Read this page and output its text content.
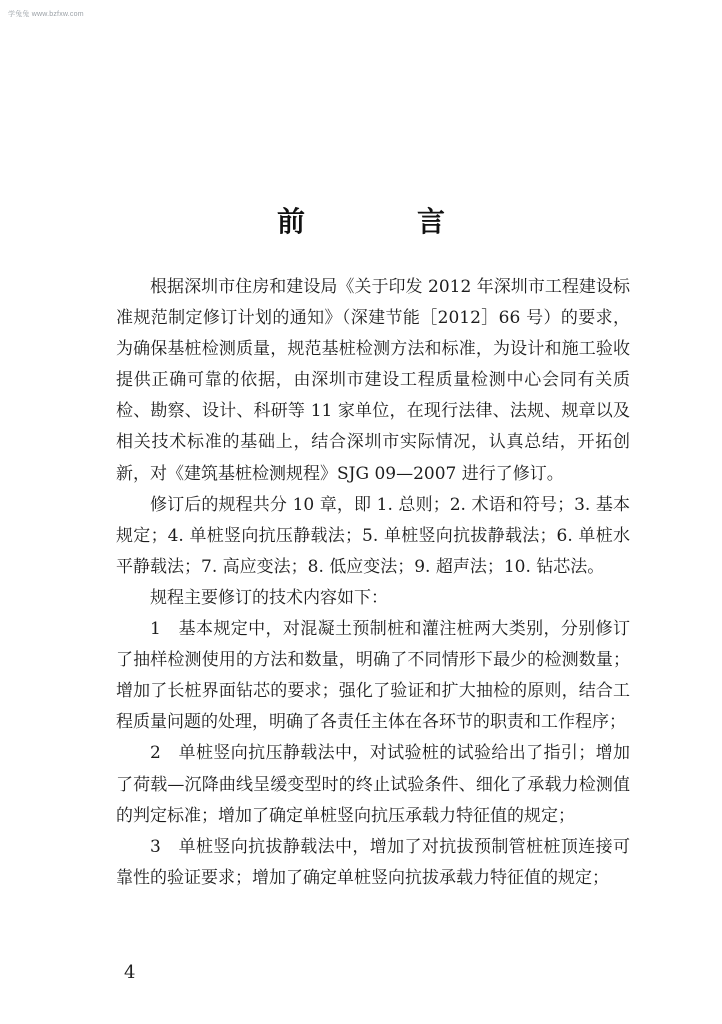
学兔兔 www.bzfxw.com
前　言

根据深圳市住房和建设局《关于印发 2012 年深圳市工程建设标准规范制定修订计划的通知》（深建节能［2012］66 号）的要求，为确保基桩检测质量，规范基桩检测方法和标准，为设计和施工验收提供正确可靠的依据，由深圳市建设工程质量检测中心会同有关质检、勘察、设计、科研等 11 家单位，在现行法律、法规、规章以及相关技术标准的基础上，结合深圳市实际情况，认真总结，开拓创新，对《建筑基桩检测规程》SJG 09—2007 进行了修订。

修订后的规程共分 10 章，即 1. 总则；2. 术语和符号；3. 基本规定；4. 单桩竖向抗压静载法；5. 单桩竖向抗拔静载法；6. 单桩水平静载法；7. 高应变法；8. 低应变法；9. 超声法；10. 钻芯法。

规程主要修订的技术内容如下：

1　基本规定中，对混凝土预制桩和灌注桩两大类别，分别修订了抽样检测使用的方法和数量，明确了不同情形下最少的检测数量；增加了长桩界面钻芯的要求；强化了验证和扩大抽检的原则，结合工程质量问题的处理，明确了各责任主体在各环节的职责和工作程序；

2　单桩竖向抗压静载法中，对试验桩的试验给出了指引；增加了荷载—沉降曲线呈缓变型时的终止试验条件、细化了承载力检测值的判定标准；增加了确定单桩竖向抗压承载力特征值的规定；

3　单桩竖向抗拔静载法中，增加了对抗拔预制管桩桩顶连接可靠性的验证要求；增加了确定单桩竖向抗拔承载力特征值的规定；

4
